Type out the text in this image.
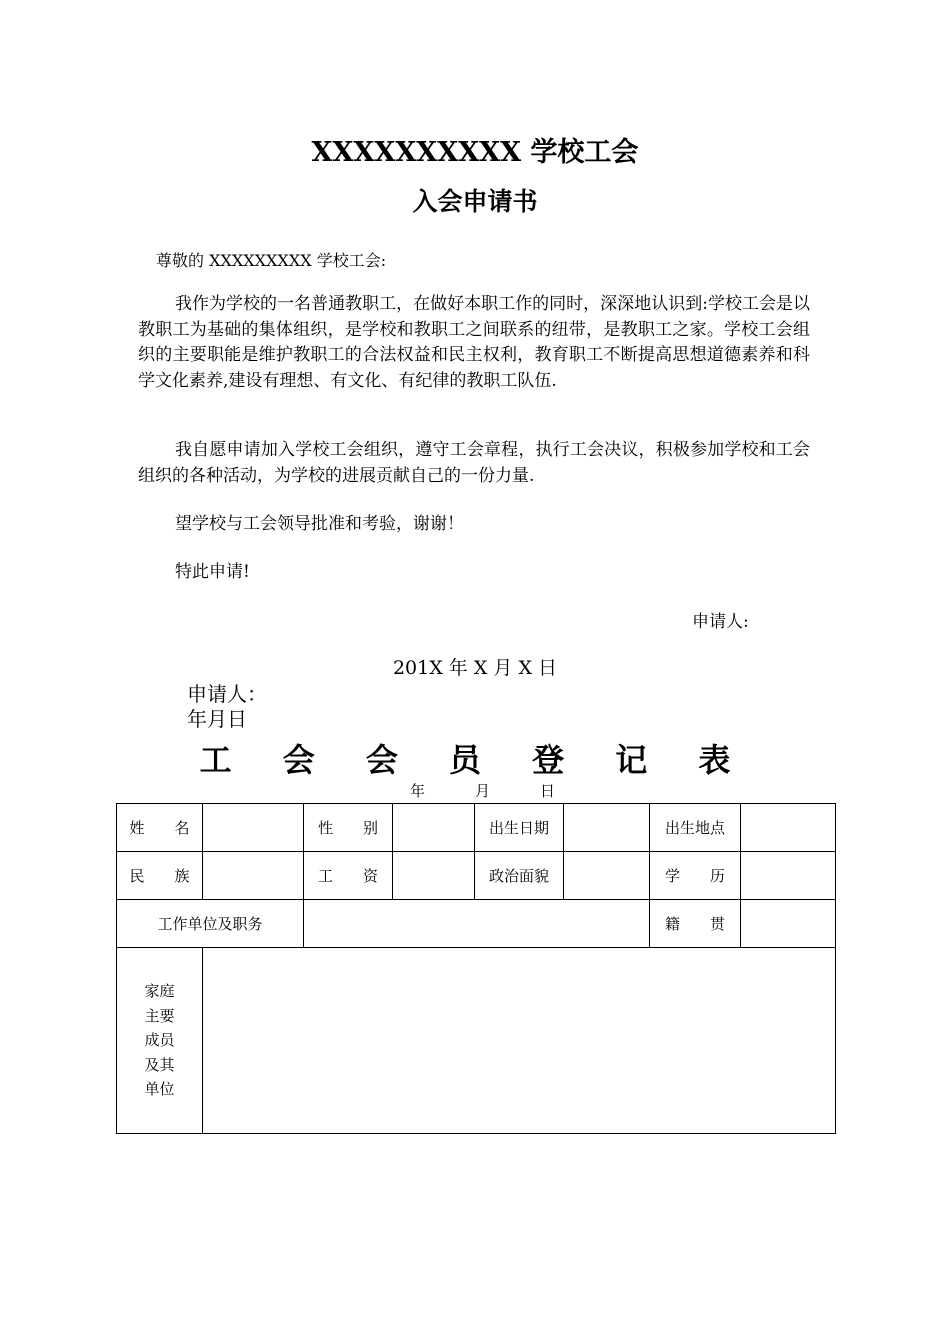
XXXXXXXXXX 学校工会
入会申请书
尊敬的 XXXXXXXXX 学校工会:
我作为学校的一名普通教职工，在做好本职工作的同时，深深地认识到:学校工会是以教职工为基础的集体组织，是学校和教职工之间联系的纽带，是教职工之家。学校工会组织的主要职能是维护教职工的合法权益和民主权利，教育职工不断提高思想道德素养和科学文化素养,建设有理想、有文化、有纪律的教职工队伍.
我自愿申请加入学校工会组织，遵守工会章程，执行工会决议，积极参加学校和工会组织的各种活动，为学校的进展贡献自己的一份力量.
望学校与工会领导批准和考验，谢谢！
特此申请!
申请人:
201X 年 X 月 X 日
申请人：
年月日
工 会 会 员 登 记 表
年	月	日
姓　　名		性　　别		出生日期		出生地点	
民　　族		工　　资		政治面貌		学　　历	
工作单位及职务						籍　　贯	
家庭主要成员及其单位							
